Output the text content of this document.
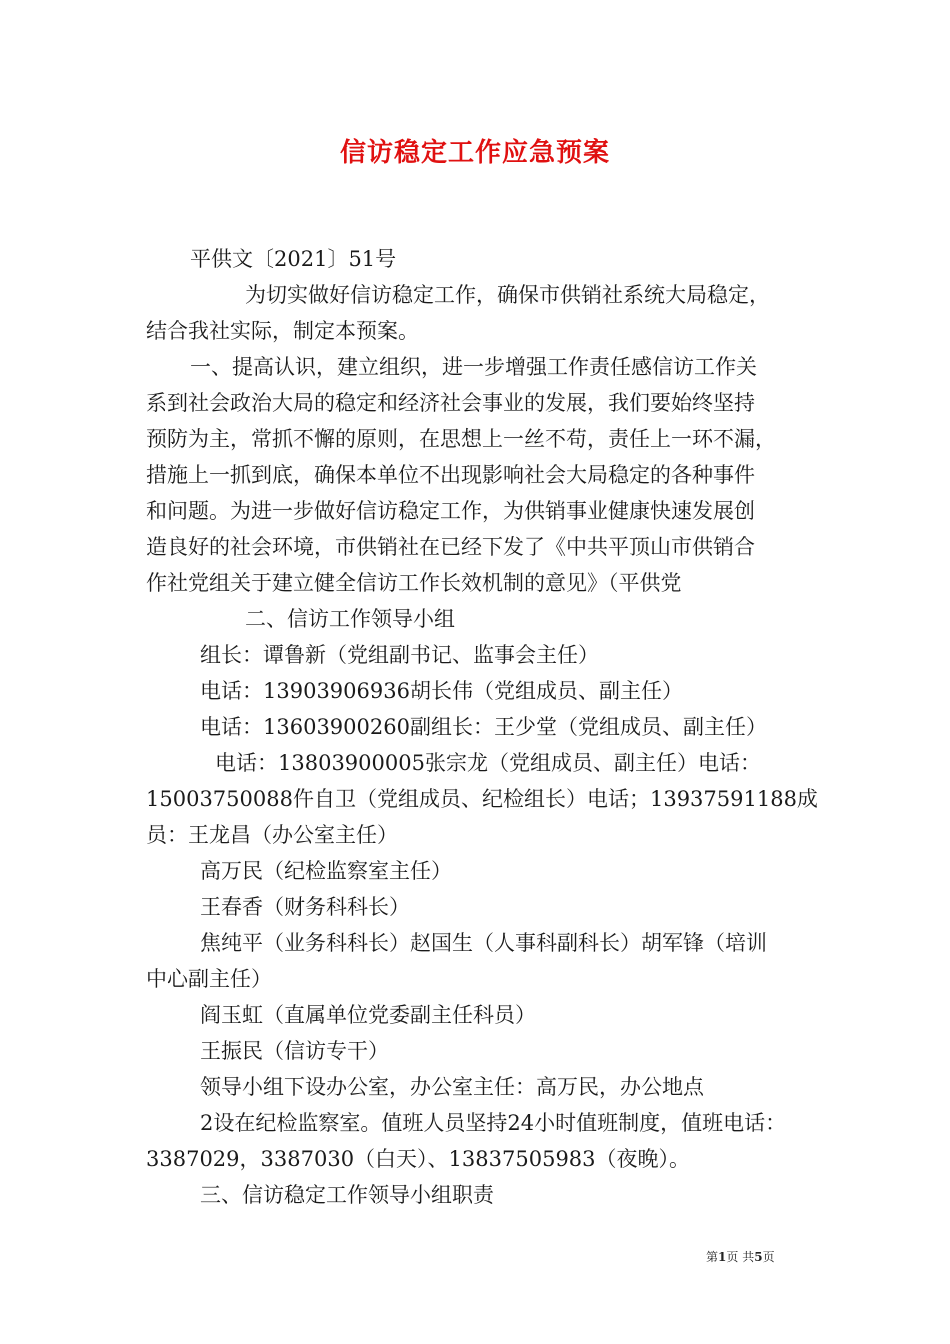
信访稳定工作应急预案
平供文〔2021〕51号
为切实做好信访稳定工作，确保市供销社系统大局稳定，
结合我社实际，制定本预案。
一、提高认识，建立组织，进一步增强工作责任感信访工作关
系到社会政治大局的稳定和经济社会事业的发展，我们要始终坚持
预防为主，常抓不懈的原则，在思想上一丝不苟，责任上一环不漏，
措施上一抓到底，确保本单位不出现影响社会大局稳定的各种事件
和问题。为进一步做好信访稳定工作，为供销事业健康快速发展创
造良好的社会环境，市供销社在已经下发了《中共平顶山市供销合
作社党组关于建立健全信访工作长效机制的意见》（平供党
二、信访工作领导小组
组长：谭鲁新（党组副书记、监事会主任）
电话：13903906936胡长伟（党组成员、副主任）
电话：13603900260副组长：王少堂（党组成员、副主任）
电话：13803900005张宗龙（党组成员、副主任）电话：
15003750088仵自卫（党组成员、纪检组长）电话；13937591188成
员：王龙昌（办公室主任）
高万民（纪检监察室主任）
王春香（财务科科长）
焦纯平（业务科科长）赵国生（人事科副科长）胡军锋（培训
中心副主任）
阎玉虹（直属单位党委副主任科员）
王振民（信访专干）
领导小组下设办公室，办公室主任：高万民，办公地点
2设在纪检监察室。值班人员坚持24小时值班制度，值班电话：
3387029，3387030（白天）、13837505983（夜晚）。
三、信访稳定工作领导小组职责
第1页 共5页
